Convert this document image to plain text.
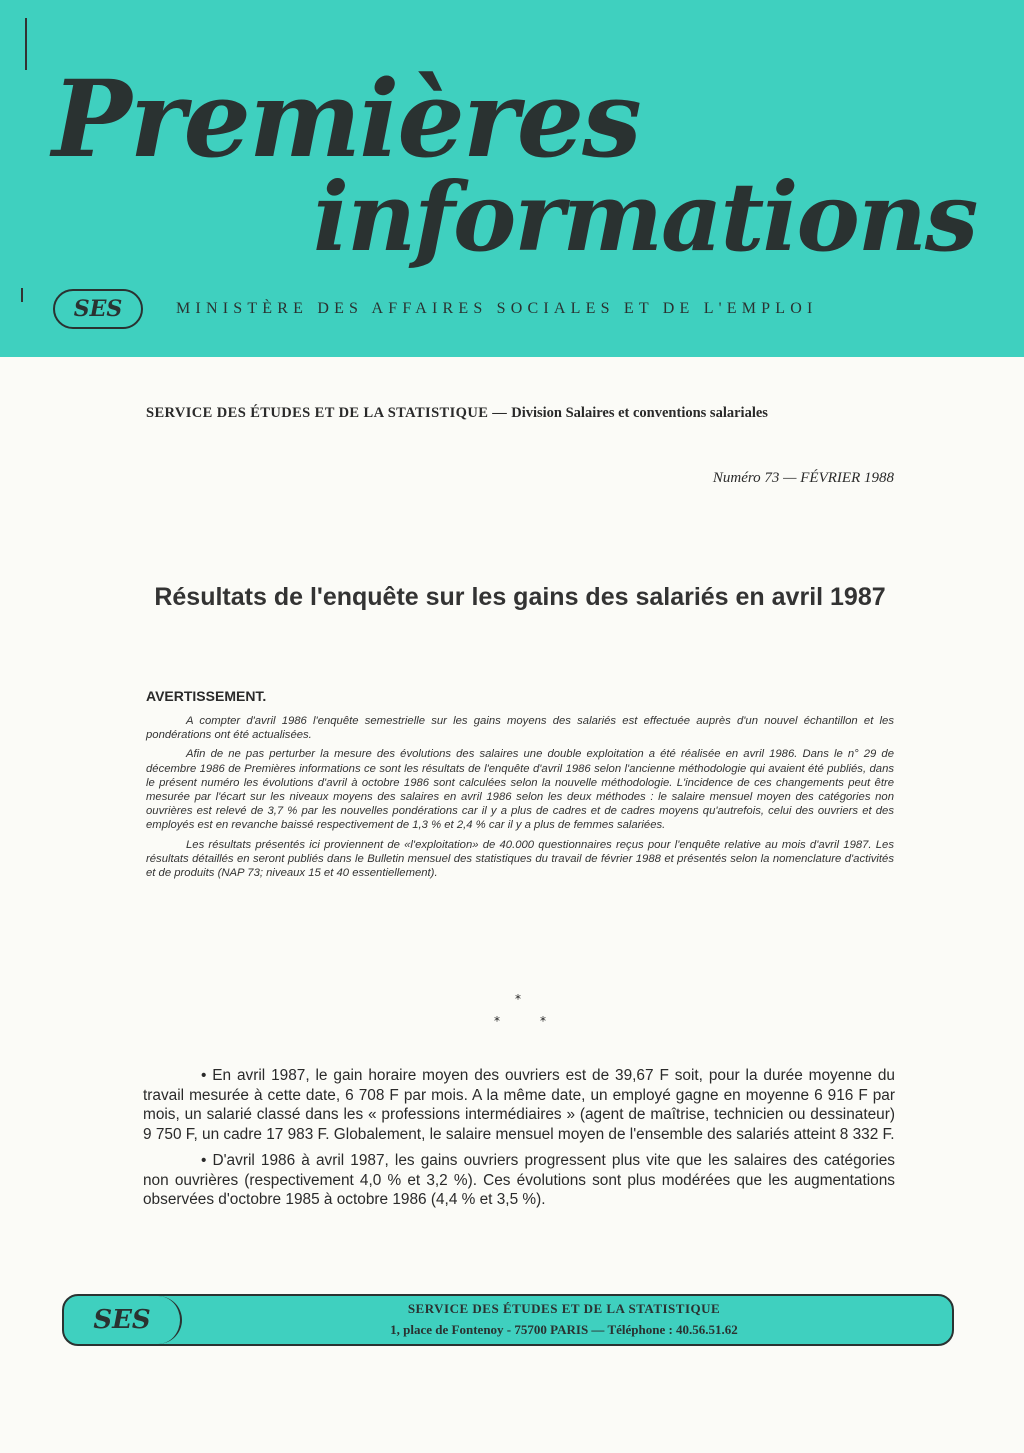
Premières
informations
SES	MINISTÈRE DES AFFAIRES SOCIALES ET DE L'EMPLOI

SERVICE DES ÉTUDES ET DE LA STATISTIQUE — Division Salaires et conventions salariales

Numéro 73 — FÉVRIER 1988

Résultats de l'enquête sur les gains des salariés en avril 1987
AVERTISSEMENT.

A compter d'avril 1986 l'enquête semestrielle sur les gains moyens des salariés est effectuée auprès d'un nouvel échantillon et les pondérations ont été actualisées.

Afin de ne pas perturber la mesure des évolutions des salaires une double exploitation a été réalisée en avril 1986. Dans le n° 29 de décembre 1986 de Premières informations ce sont les résultats de l'enquête d'avril 1986 selon l'ancienne méthodologie qui avaient été publiés, dans le présent numéro les évolutions d'avril à octobre 1986 sont calculées selon la nouvelle méthodologie. L'incidence de ces changements peut être mesurée par l'écart sur les niveaux moyens des salaires en avril 1986 selon les deux méthodes : le salaire mensuel moyen des catégories non ouvrières est relevé de 3,7 % par les nouvelles pondérations car il y a plus de cadres et de cadres moyens qu'autrefois, celui des ouvriers et des employés est en revanche baissé respectivement de 1,3 % et 2,4 % car il y a plus de femmes salariées.

Les résultats présentés ici proviennent de «l'exploitation» de 40.000 questionnaires reçus pour l'enquête relative au mois d'avril 1987. Les résultats détaillés en seront publiés dans le Bulletin mensuel des statistiques du travail de février 1988 et présentés selon la nomenclature d'activités et de produits (NAP 73; niveaux 15 et 40 essentiellement).

*
*	*

• En avril 1987, le gain horaire moyen des ouvriers est de 39,67 F soit, pour la durée moyenne du travail mesurée à cette date, 6 708 F par mois. A la même date, un employé gagne en moyenne 6 916 F par mois, un salarié classé dans les « professions intermédiaires » (agent de maîtrise, technicien ou dessinateur) 9 750 F, un cadre 17 983 F. Globalement, le salaire mensuel moyen de l'ensemble des salariés atteint 8 332 F.

• D'avril 1986 à avril 1987, les gains ouvriers progressent plus vite que les salaires des catégories non ouvrières (respectivement 4,0 % et 3,2 %). Ces évolutions sont plus modérées que les augmentations observées d'octobre 1985 à octobre 1986 (4,4 % et 3,5 %).

SES	SERVICE DES ÉTUDES ET DE LA STATISTIQUE

1, place de Fontenoy - 75700 PARIS — Téléphone : 40.56.51.62
